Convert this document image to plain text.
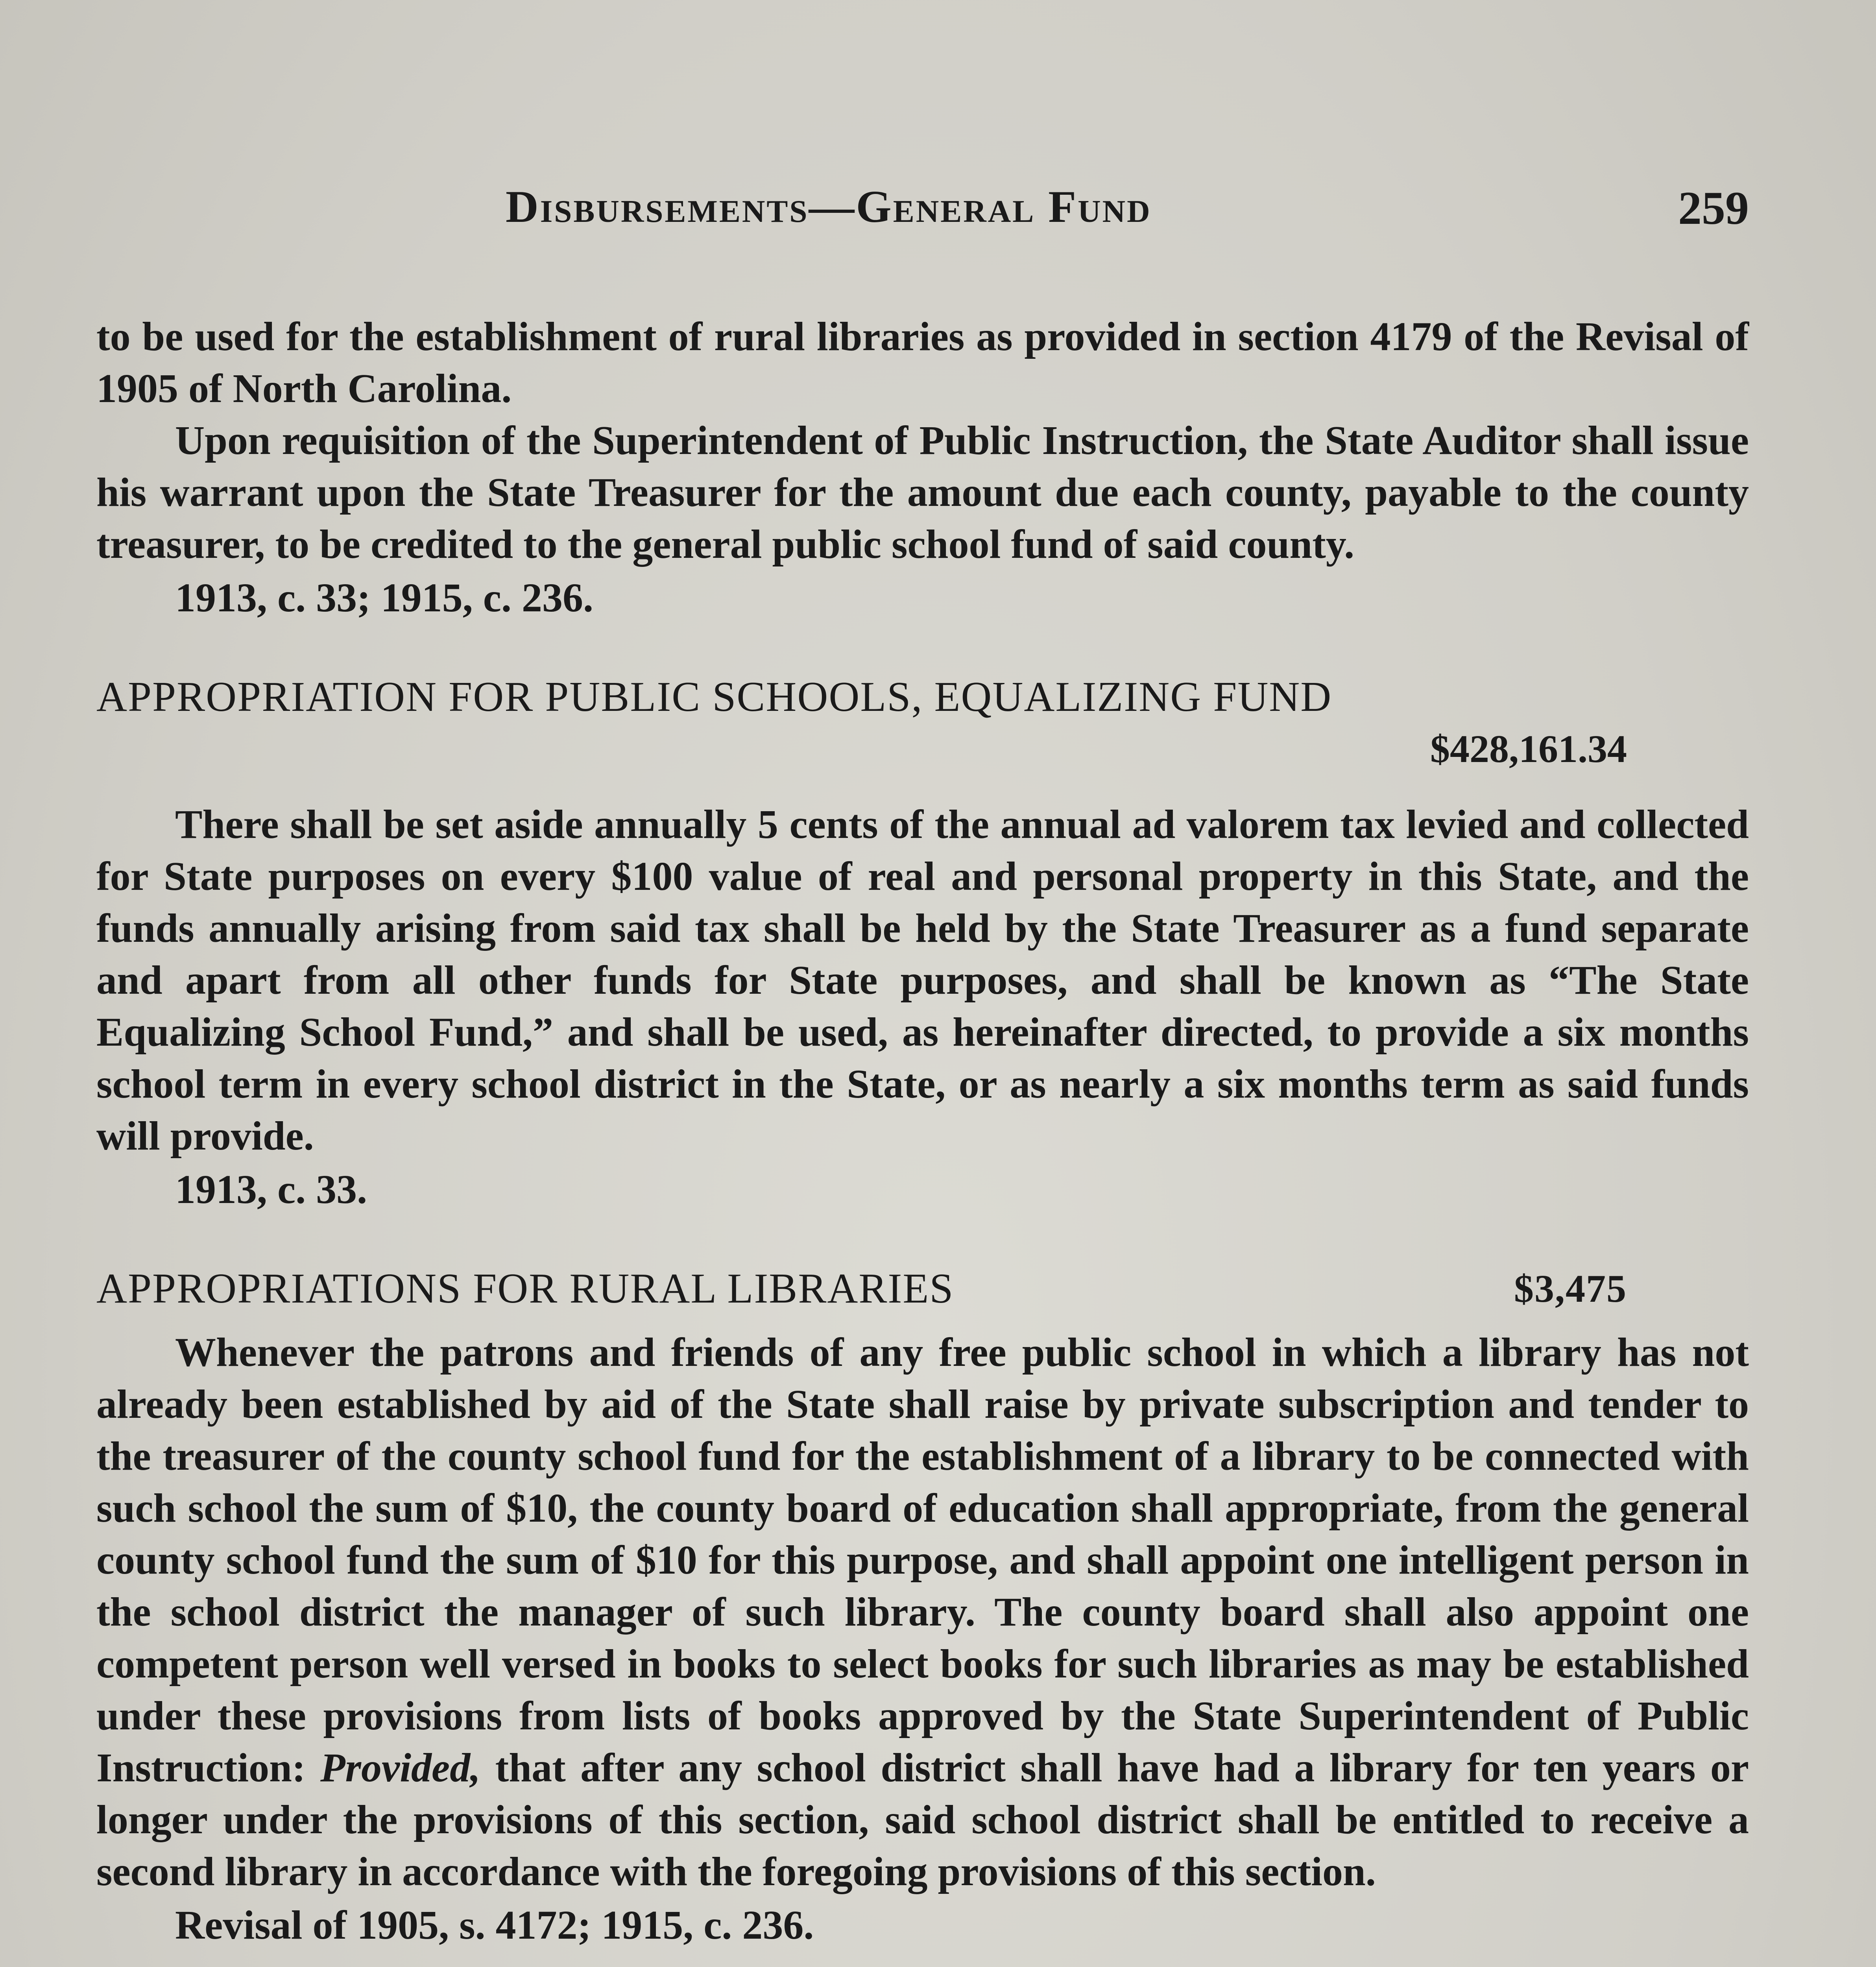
Disbursements—General Fund	259

to be used for the establishment of rural libraries as provided in section 4179 of the Revisal of 1905 of North Carolina.

Upon requisition of the Superintendent of Public Instruction, the State Auditor shall issue his warrant upon the State Treasurer for the amount due each county, payable to the county treasurer, to be credited to the general public school fund of said county.

1913, c. 33; 1915, c. 236.

APPROPRIATION FOR PUBLIC SCHOOLS, EQUALIZING FUND
$428,161.34

There shall be set aside annually 5 cents of the annual ad valorem tax levied and collected for State purposes on every $100 value of real and personal property in this State, and the funds annually arising from said tax shall be held by the State Treasurer as a fund separate and apart from all other funds for State purposes, and shall be known as “The State Equalizing School Fund,” and shall be used, as hereinafter directed, to provide a six months school term in every school district in the State, or as nearly a six months term as said funds will provide.

1913, c. 33.

APPROPRIATIONS FOR RURAL LIBRARIES	$3,475

Whenever the patrons and friends of any free public school in which a library has not already been established by aid of the State shall raise by private subscription and tender to the treasurer of the county school fund for the establishment of a library to be connected with such school the sum of $10, the county board of education shall appropriate, from the general county school fund the sum of $10 for this purpose, and shall appoint one intelligent person in the school district the manager of such library. The county board shall also appoint one competent person well versed in books to select books for such libraries as may be established under these provisions from lists of books approved by the State Superintendent of Public Instruction: Provided, that after any school district shall have had a library for ten years or longer under the provisions of this section, said school district shall be entitled to receive a second library in accordance with the foregoing provisions of this section.

Revisal of 1905, s. 4172; 1915, c. 236.
